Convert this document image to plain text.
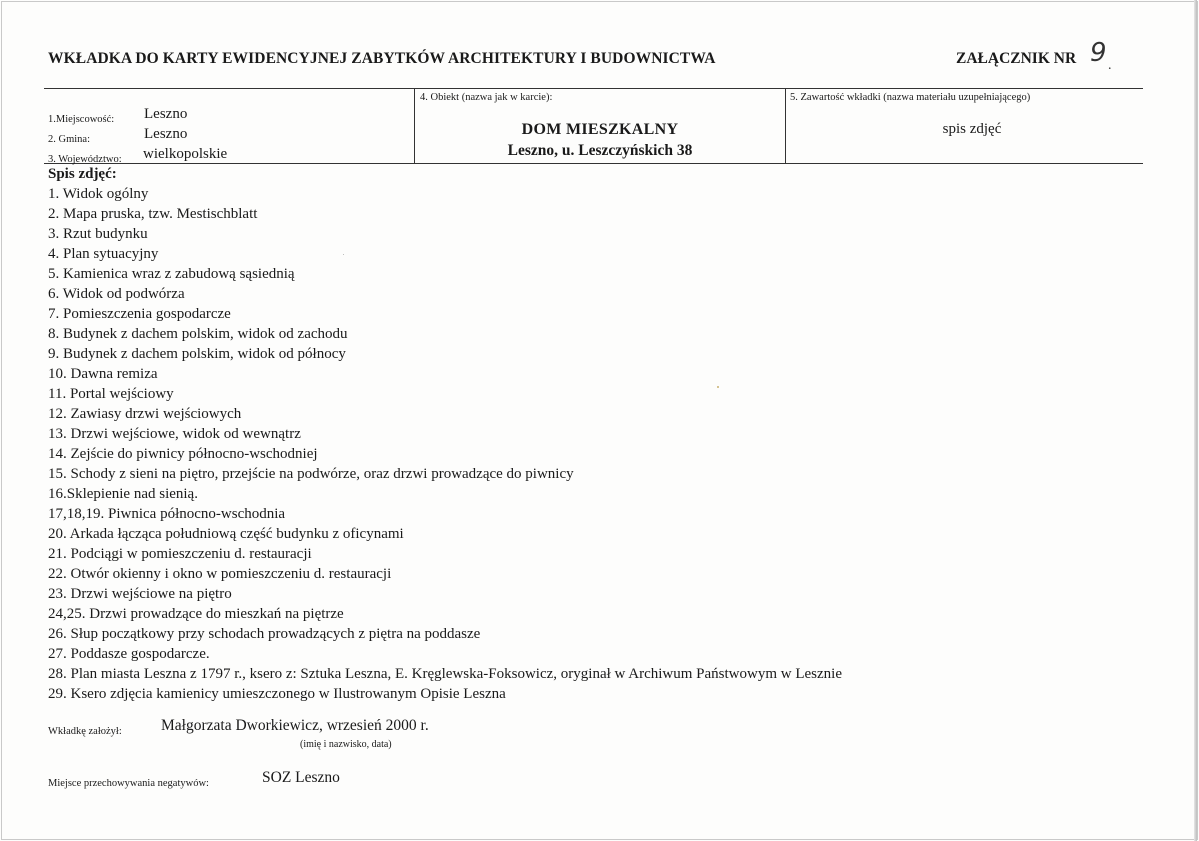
WKŁADKA DO KARTY EWIDENCYJNEJ ZABYTKÓW ARCHITEKTURY I BUDOWNICTWA	ZAŁĄCZNIK NR 9 .
1.Miejscowość: Leszno
2. Gmina:	Leszno
3. Województwo: wielkopolskie
4. Obiekt (nazwa jak w karcie):
DOM MIESZKALNY
Leszno, u. Leszczyńskich 38
5. Zawartość wkładki (nazwa materiału uzupełniającego)
spis zdjęć
Spis zdjęć:
1. Widok ogólny
2. Mapa pruska, tzw. Mestischblatt
3. Rzut budynku
4. Plan sytuacyjny
5. Kamienica wraz z zabudową sąsiednią
6. Widok od podwórza
7. Pomieszczenia gospodarcze
8. Budynek z dachem polskim, widok od zachodu
9. Budynek z dachem polskim, widok od północy
10. Dawna remiza
11. Portal wejściowy
12. Zawiasy drzwi wejściowych
13. Drzwi wejściowe, widok od wewnątrz
14. Zejście do piwnicy północno-wschodniej
15. Schody z sieni na piętro, przejście na podwórze, oraz drzwi prowadzące do piwnicy
16.Sklepienie nad sienią.
17,18,19. Piwnica północno-wschodnia
20. Arkada łącząca południową część budynku z oficynami
21. Podciągi w pomieszczeniu d. restauracji
22. Otwór okienny i okno w pomieszczeniu d. restauracji
23. Drzwi wejściowe na piętro
24,25. Drzwi prowadzące do mieszkań na piętrze
26. Słup początkowy przy schodach prowadzących z piętra na poddasze
27. Poddasze gospodarcze.
28. Plan miasta Leszna z 1797 r., ksero z: Sztuka Leszna, E. Kręglewska-Foksowicz, oryginał w Archiwum Państwowym w Lesznie
29. Ksero zdjęcia kamienicy umieszczonego w Ilustrowanym Opisie Leszna
Wkładkę założył:	Małgorzata Dworkiewicz, wrzesień 2000 r.
(imię i nazwisko, data)
Miejsce przechowywania negatywów:	SOZ Leszno
